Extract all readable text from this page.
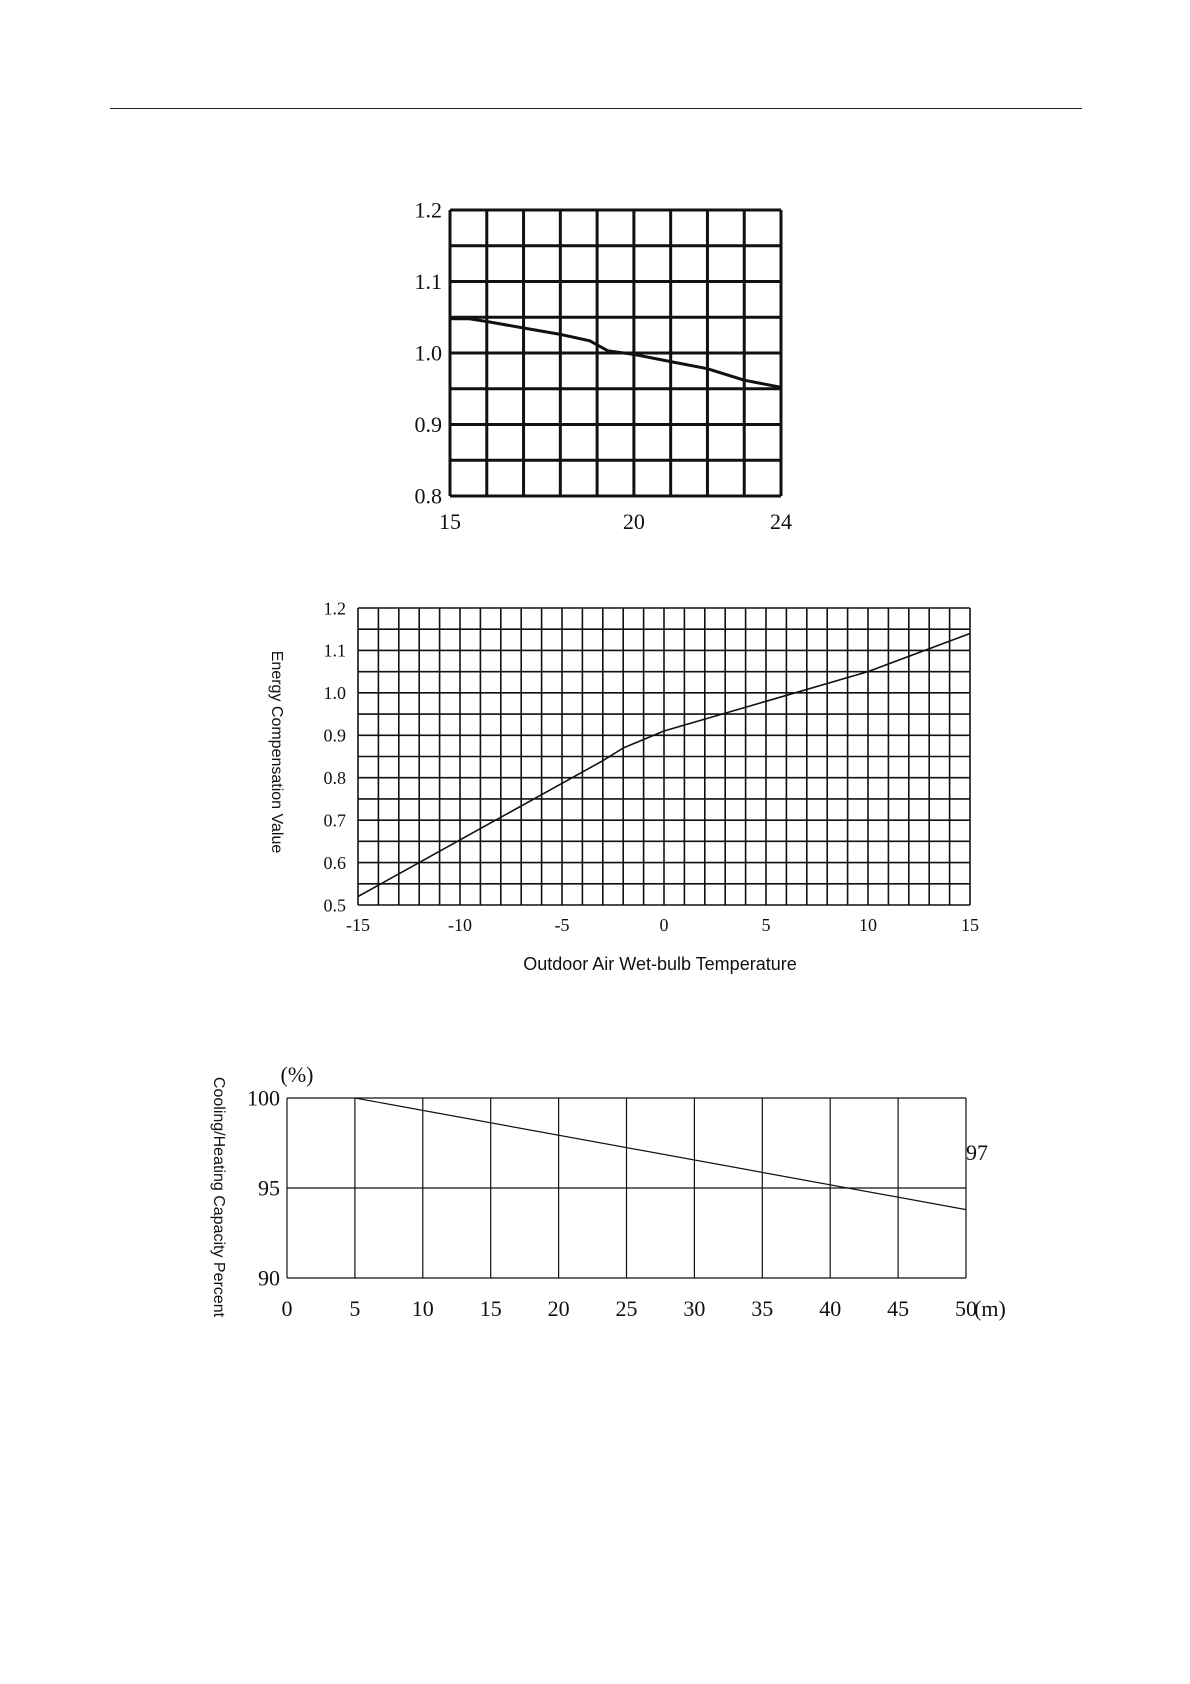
15	20	24
1.2
1.1
1.0
0.9
0.8
-15	-10	-5	0	5	10	15
1.2
1.1
1.0
0.9
0.8
0.7
0.6
0.5
Outdoor Air Wet-bulb Temperature
Energy Compensation Value
0	5 10 15 20 25 30 35 40 45 50
100
95
90
Cooling/Heating Capacity Percent
(%)
(m)
97
